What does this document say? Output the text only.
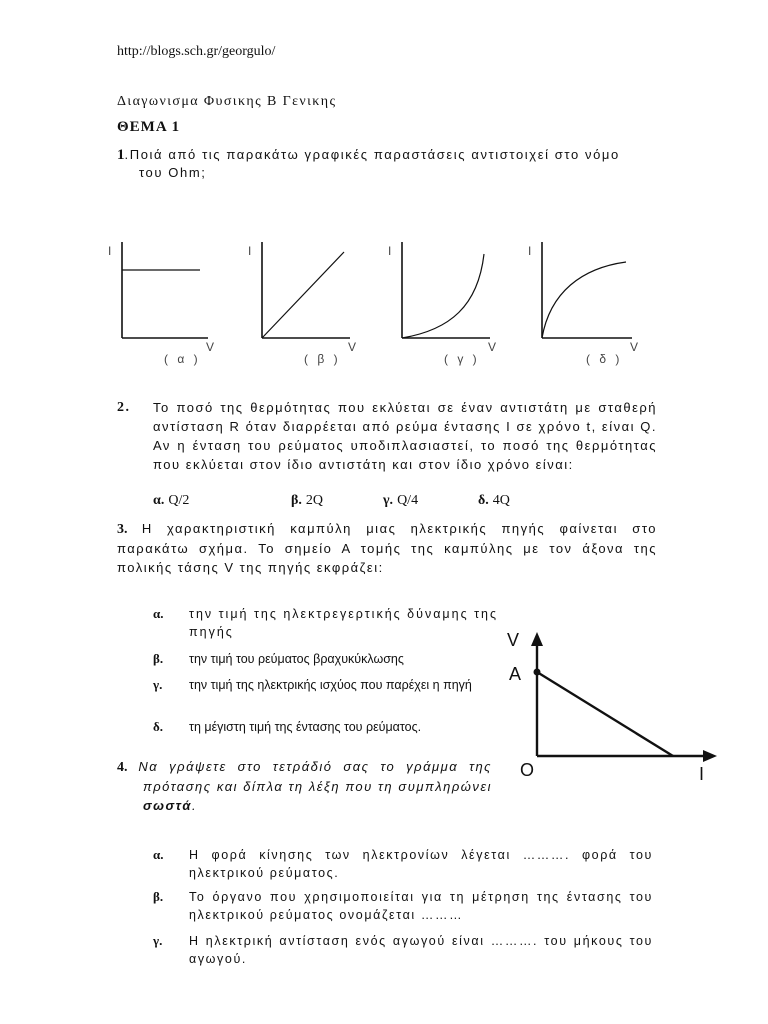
http://blogs.sch.gr/georgulo/
Διαγωνισμα Φυσικης Β Γενικης
ΘΕΜΑ 1
1.Ποιά από τις παρακάτω γραφικές παραστάσεις αντιστοιχεί στο νόμο
του Ohm;
I
V
I
V
I
V
I
V
( α )	( β )	( γ )	( δ )
2. Το ποσό της θερμότητας που εκλύεται σε έναν αντιστάτη με σταθερή αντίσταση R όταν διαρρέεται από ρεύμα έντασης I σε χρόνο t, είναι Q. Αν η ένταση του ρεύματος υποδιπλασιαστεί, το ποσό της θερμότητας που εκλύεται στον ίδιο αντιστάτη και στον ίδιο χρόνο είναι:
α. Q/2	β. 2Q	γ. Q/4	δ. 4Q
3. Η χαρακτηριστική καμπύλη μιας ηλεκτρικής πηγής φαίνεται στο παρακάτω σχήμα. Το σημείο Α τομής της καμπύλης με τον άξονα της πολικής τάσης V της πηγής εκφράζει:
α. την τιμή της ηλεκτρεγερτικής δύναμης της πηγής
β. την τιμή του ρεύματος βραχυκύκλωσης
γ. την τιμή της ηλεκτρικής ισχύος που παρέχει η πηγή
δ. τη μέγιστη τιμή της έντασης του ρεύματος.
V
A
O	I
4. Να γράψετε στο τετράδιό σας το γράμμα της πρότασης και δίπλα τη λέξη που τη συμπληρώνει σωστά.
α. Η φορά κίνησης των ηλεκτρονίων λέγεται ………. φορά του ηλεκτρικού ρεύματος.
β. Το όργανο που χρησιμοποιείται για τη μέτρηση της έντασης του ηλεκτρικού ρεύματος ονομάζεται ………
γ. Η ηλεκτρική αντίσταση ενός αγωγού είναι ………. του μήκους του αγωγού.
